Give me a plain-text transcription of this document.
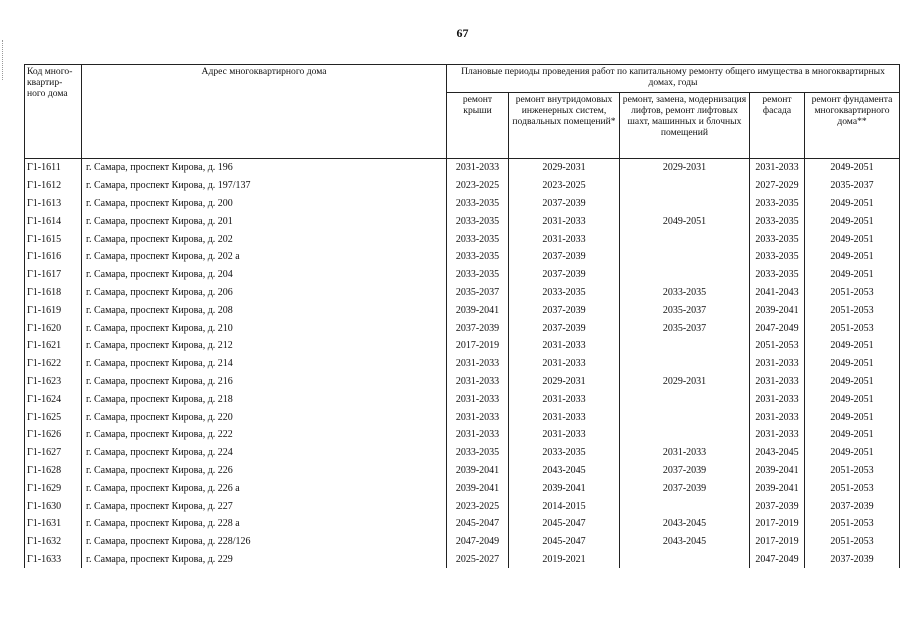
67
Код много-квартир-ного дома	Адрес многоквартирного дома	Плановые периоды проведения работ по капитальному ремонту общего имущества в многоквартирных домах, годы				
		ремонт крыши	ремонт внутридомовых инженерных систем, подвальных помещений*	ремонт, замена, модернизация лифтов, ремонт лифтовых шахт, машинных и блочных помещений	ремонт фасада	ремонт фундамента многоквартирного дома**
Г1-1611	г. Самара, проспект Кирова, д. 196	2031-2033	2029-2031	2029-2031	2031-2033	2049-2051
Г1-1612	г. Самара, проспект Кирова, д. 197/137	2023-2025	2023-2025		2027-2029	2035-2037
Г1-1613	г. Самара, проспект Кирова, д. 200	2033-2035	2037-2039		2033-2035	2049-2051
Г1-1614	г. Самара, проспект Кирова, д. 201	2033-2035	2031-2033	2049-2051	2033-2035	2049-2051
Г1-1615	г. Самара, проспект Кирова, д. 202	2033-2035	2031-2033		2033-2035	2049-2051
Г1-1616	г. Самара, проспект Кирова, д. 202 а	2033-2035	2037-2039		2033-2035	2049-2051
Г1-1617	г. Самара, проспект Кирова, д. 204	2033-2035	2037-2039		2033-2035	2049-2051
Г1-1618	г. Самара, проспект Кирова, д. 206	2035-2037	2033-2035	2033-2035	2041-2043	2051-2053
Г1-1619	г. Самара, проспект Кирова, д. 208	2039-2041	2037-2039	2035-2037	2039-2041	2051-2053
Г1-1620	г. Самара, проспект Кирова, д. 210	2037-2039	2037-2039	2035-2037	2047-2049	2051-2053
Г1-1621	г. Самара, проспект Кирова, д. 212	2017-2019	2031-2033		2051-2053	2049-2051
Г1-1622	г. Самара, проспект Кирова, д. 214	2031-2033	2031-2033		2031-2033	2049-2051
Г1-1623	г. Самара, проспект Кирова, д. 216	2031-2033	2029-2031	2029-2031	2031-2033	2049-2051
Г1-1624	г. Самара, проспект Кирова, д. 218	2031-2033	2031-2033		2031-2033	2049-2051
Г1-1625	г. Самара, проспект Кирова, д. 220	2031-2033	2031-2033		2031-2033	2049-2051
Г1-1626	г. Самара, проспект Кирова, д. 222	2031-2033	2031-2033		2031-2033	2049-2051
Г1-1627	г. Самара, проспект Кирова, д. 224	2033-2035	2033-2035	2031-2033	2043-2045	2049-2051
Г1-1628	г. Самара, проспект Кирова, д. 226	2039-2041	2043-2045	2037-2039	2039-2041	2051-2053
Г1-1629	г. Самара, проспект Кирова, д. 226 а	2039-2041	2039-2041	2037-2039	2039-2041	2051-2053
Г1-1630	г. Самара, проспект Кирова, д. 227	2023-2025	2014-2015		2037-2039	2037-2039
Г1-1631	г. Самара, проспект Кирова, д. 228 а	2045-2047	2045-2047	2043-2045	2017-2019	2051-2053
Г1-1632	г. Самара, проспект Кирова, д. 228/126	2047-2049	2045-2047	2043-2045	2017-2019	2051-2053
Г1-1633	г. Самара, проспект Кирова, д. 229	2025-2027	2019-2021		2047-2049	2037-2039
